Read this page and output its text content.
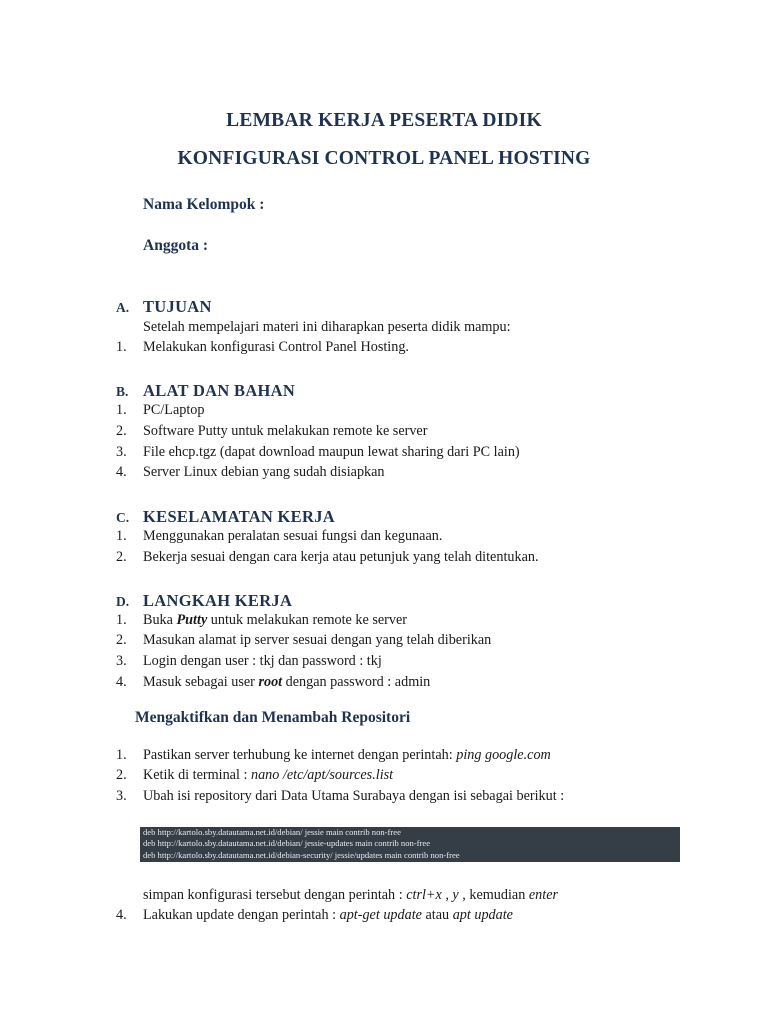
LEMBAR KERJA PESERTA DIDIK
KONFIGURASI CONTROL PANEL HOSTING
Nama Kelompok :
Anggota :
A. TUJUAN
Setelah mempelajari materi ini diharapkan peserta didik mampu:
1. Melakukan konfigurasi Control Panel Hosting.
B. ALAT DAN BAHAN
1. PC/Laptop
2. Software Putty untuk melakukan remote ke server
3. File ehcp.tgz (dapat download maupun lewat sharing dari PC lain)
4. Server Linux debian yang sudah disiapkan
C. KESELAMATAN KERJA
1. Menggunakan peralatan sesuai fungsi dan kegunaan.
2. Bekerja sesuai dengan cara kerja atau petunjuk yang telah ditentukan.
D. LANGKAH KERJA
1. Buka Putty untuk melakukan remote ke server
2. Masukan alamat ip server sesuai dengan yang telah diberikan
3. Login dengan user : tkj dan password : tkj
4. Masuk sebagai user root dengan password : admin
Mengaktifkan dan Menambah Repositori
1. Pastikan server terhubung ke internet dengan perintah: ping google.com
2. Ketik di terminal : nano /etc/apt/sources.list
3. Ubah isi repository dari Data Utama Surabaya dengan isi sebagai berikut :
deb http://kartolo.sby.datautama.net.id/debian/ jessie main contrib non-free
deb http://kartolo.sby.datautama.net.id/debian/ jessie-updates main contrib non-free
deb http://kartolo.sby.datautama.net.id/debian-security/ jessie/updates main contrib non-free
simpan konfigurasi tersebut dengan perintah : ctrl+x , y , kemudian enter
4. Lakukan update dengan perintah : apt-get update atau apt update
